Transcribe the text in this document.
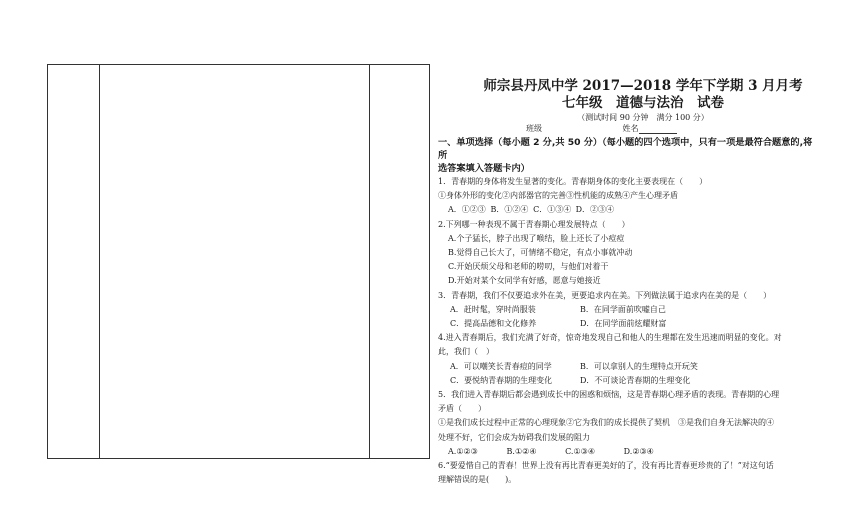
师宗县丹凤中学 2017—2018 学年下学期 3 月月考
七年级　道德与法治　试卷
（测试时间 90 分钟　满分 100 分）
班级	姓名
一、单项选择（每小题 2 分,共 50 分）（每小题的四个选项中，只有一项是最符合题意的,将所
选答案填入答题卡内）
1．青春期的身体将发生显著的变化。青春期身体的变化主要表现在（　　）
①身体外形的变化②内部器官的完善③性机能的成熟④产生心理矛盾
A．①②③ B．①②④ C．①③④ D．②③④
2.下列哪一种表现不属于青春期心理发展特点（　　）
A.个子猛长，脖子出现了喉结，脸上还长了小痘痘
B.觉得自己长大了，可情绪不稳定，有点小事就冲动
C.开始厌烦父母和老师的唠叨，与他们对着干
D.开始对某个女同学有好感，愿意与她接近
3．青春期，我们不仅要追求外在美，更要追求内在美。下列做法属于追求内在美的是（　　）
A．赶时髦，穿时尚服装	B．在同学面前吹嘘自己
C．提高品德和文化修养	D．在同学面前炫耀财富
4.进入青春期后，我们充满了好奇，惊奇地发现自己和他人的生理都在发生迅速而明显的变化。对
此，我们（　）
A．可以嘲笑长青春痘的同学	B．可以拿别人的生理特点开玩笑
C．要悦纳青春期的生理变化	D．不可谈论青春期的生理变化
5．我们进入青春期后都会遇到成长中的困惑和烦恼，这是青春期心理矛盾的表现。青春期的心理
矛盾（　　）
①是我们成长过程中正常的心理现象②它为我们的成长提供了契机　③是我们自身无法解决的④
处理不好，它们会成为妨碍我们发展的阻力
A.①②③	B.①②④	C.①③④	D.②③④
6.“要爱惜自己的青春！世界上没有再比青春更美好的了，没有再比青春更珍贵的了！”对这句话
理解错误的是(　　)。
